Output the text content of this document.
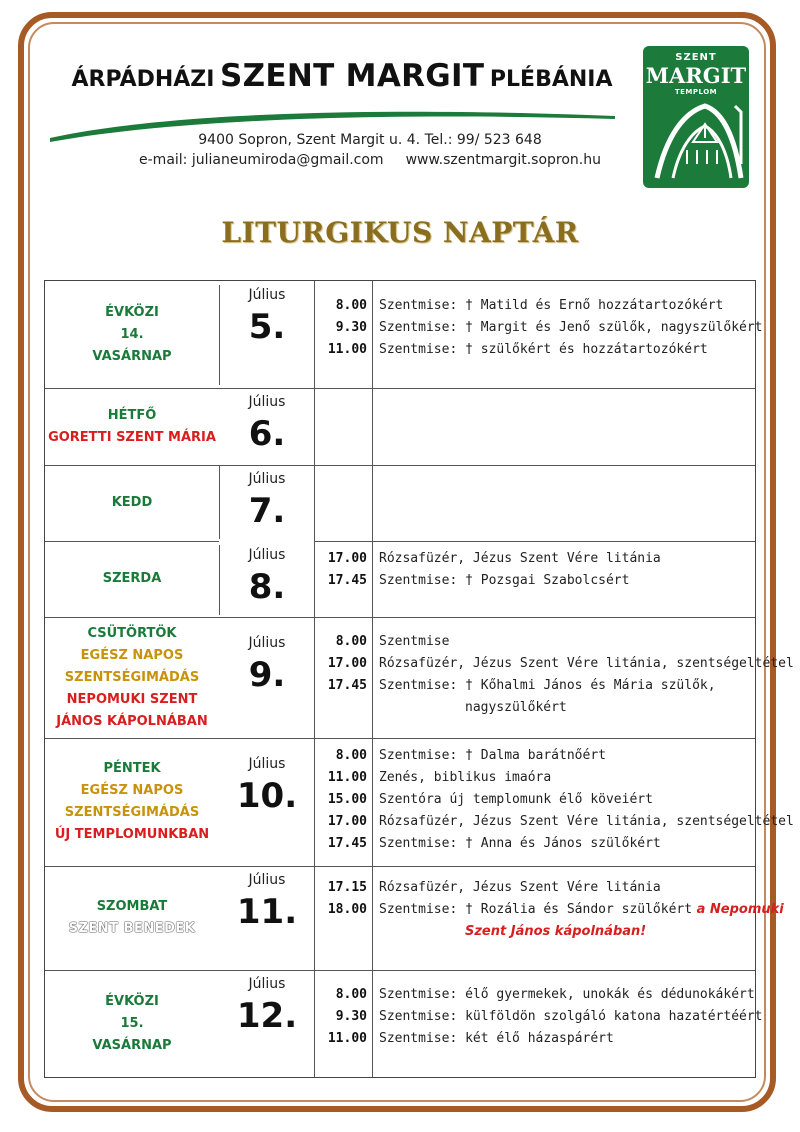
ÁRPÁDHÁZI SZENT MARGIT PLÉBÁNIA
9400 Sopron, Szent Margit u. 4. Tel.: 99/ 523 648
e-mail: julianeumiroda@gmail.com www.szentmargit.sopron.hu
SZENT
MARGIT
TEMPLOM
LITURGIKUS NAPTÁR
ÉVKÖZI
14.
VASÁRNAP
Július
5.
8.00
9.30
11.00
Szentmise: † Matild és Ernő hozzátartozókért
Szentmise: † Margit és Jenő szülők, nagyszülőkért
Szentmise: † szülőkért és hozzátartozókért
HÉTFŐ
GORETTI SZENT MÁRIA
Július
6.
KEDD
Július
7.
SZERDA
Július
8.
17.00
17.45
Rózsafüzér, Jézus Szent Vére litánia
Szentmise: † Pozsgai Szabolcsért
CSÜTÖRTÖK
EGÉSZ NAPOS
SZENTSÉGIMÁDÁS
NEPOMUKI SZENT
JÁNOS KÁPOLNÁBAN
Július
9.
8.00
17.00
17.45
Szentmise
Rózsafüzér, Jézus Szent Vére litánia, szentségeltétel
Szentmise: † Kőhalmi János és Mária szülők,
nagyszülőkért
PÉNTEK
EGÉSZ NAPOS
SZENTSÉGIMÁDÁS
ÚJ TEMPLOMUNKBAN
Július
10.
8.00
11.00
15.00
17.00
17.45
Szentmise: † Dalma barátnőért
Zenés, biblikus imaóra
Szentóra új templomunk élő köveiért
Rózsafüzér, Jézus Szent Vére litánia, szentségeltétel
Szentmise: † Anna és János szülőkért
SZOMBAT
SZENT BENEDEK
Július
11.
17.15
18.00
Rózsafüzér, Jézus Szent Vére litánia
Szentmise: † Rozália és Sándor szülőkért a Nepomuki
Szent János kápolnában!
ÉVKÖZI
15.
VASÁRNAP
Július
12.
8.00
9.30
11.00
Szentmise: élő gyermekek, unokák és dédunokákért
Szentmise: külföldön szolgáló katona hazatértéért
Szentmise: két élő házaspárért
